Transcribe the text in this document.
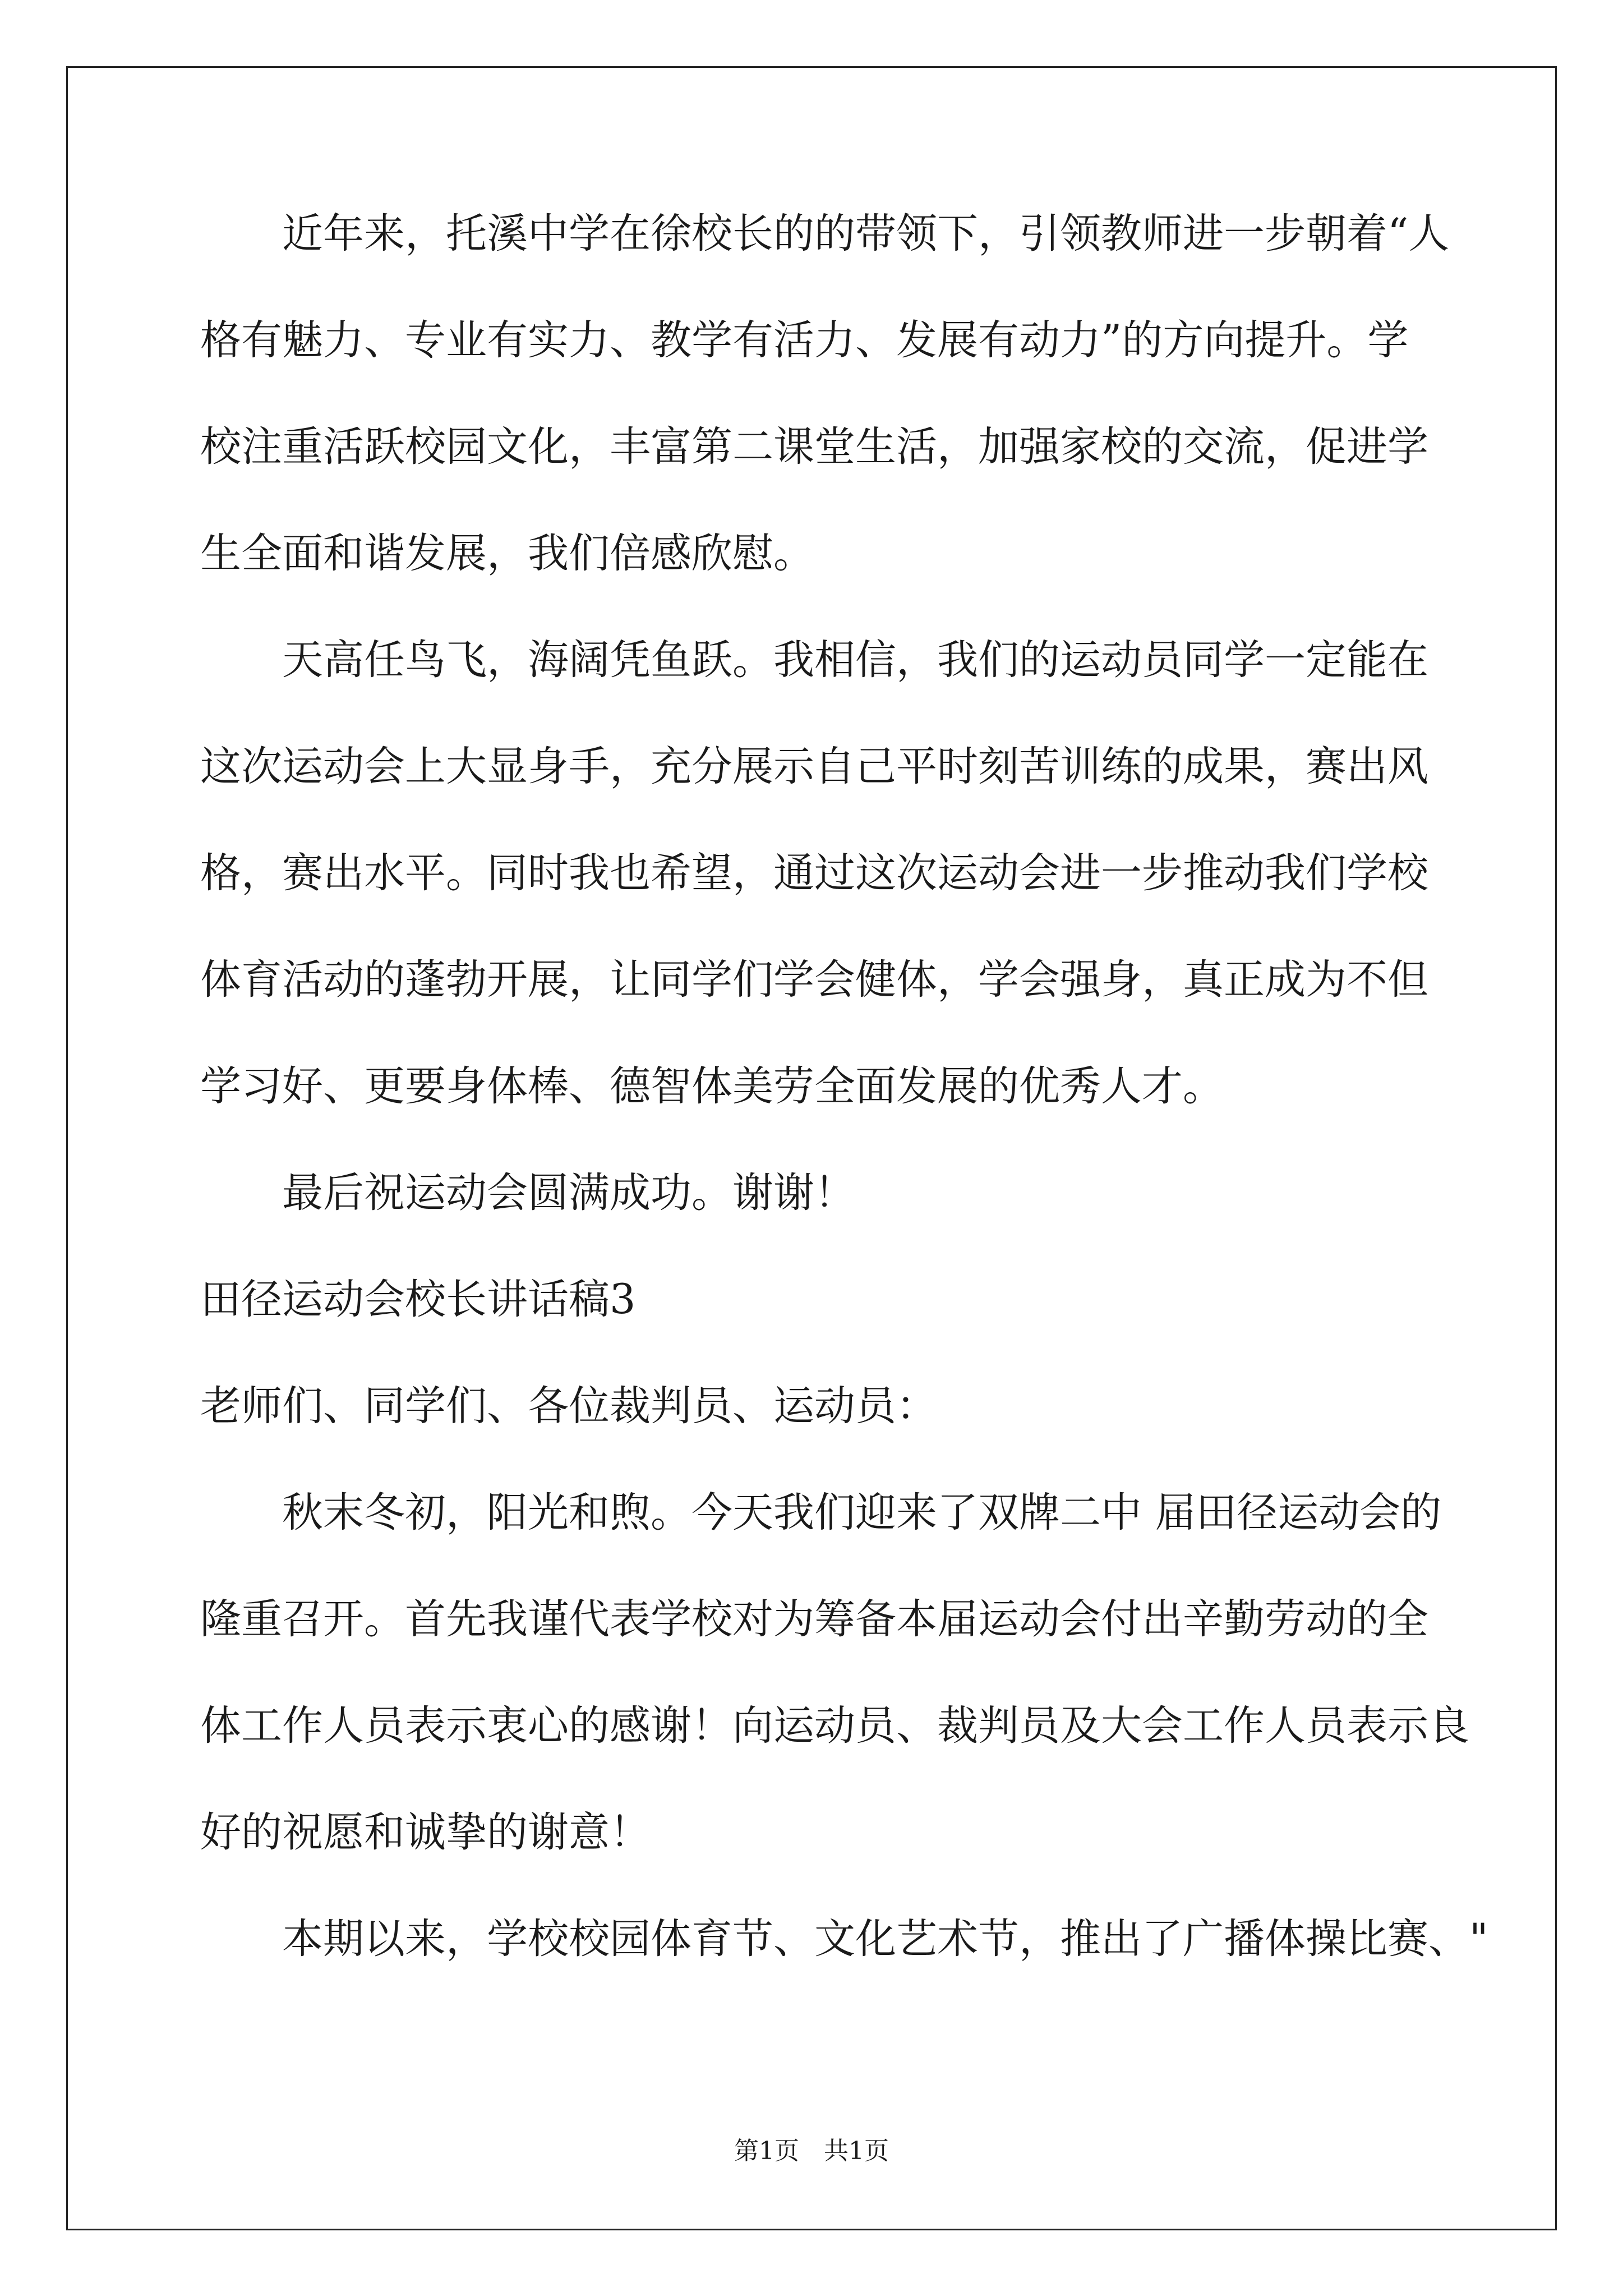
　　近年来，托溪中学在徐校长的的带领下，引领教师进一步朝着“人
格有魅力、专业有实力、教学有活力、发展有动力”的方向提升。学
校注重活跃校园文化，丰富第二课堂生活，加强家校的交流，促进学
生全面和谐发展，我们倍感欣慰。
　　天高任鸟飞，海阔凭鱼跃。我相信，我们的运动员同学一定能在
这次运动会上大显身手，充分展示自己平时刻苦训练的成果，赛出风
格，赛出水平。同时我也希望，通过这次运动会进一步推动我们学校
体育活动的蓬勃开展，让同学们学会健体，学会强身，真正成为不但
学习好、更要身体棒、德智体美劳全面发展的优秀人才。
　　最后祝运动会圆满成功。谢谢！
田径运动会校长讲话稿3
老师们、同学们、各位裁判员、运动员：
　　秋末冬初，阳光和煦。今天我们迎来了双牌二中 届田径运动会的
隆重召开。首先我谨代表学校对为筹备本届运动会付出辛勤劳动的全
体工作人员表示衷心的感谢！向运动员、裁判员及大会工作人员表示良
好的祝愿和诚挚的谢意！
　　本期以来，学校校园体育节、文化艺术节，推出了广播体操比赛、"
第1页　共1页
